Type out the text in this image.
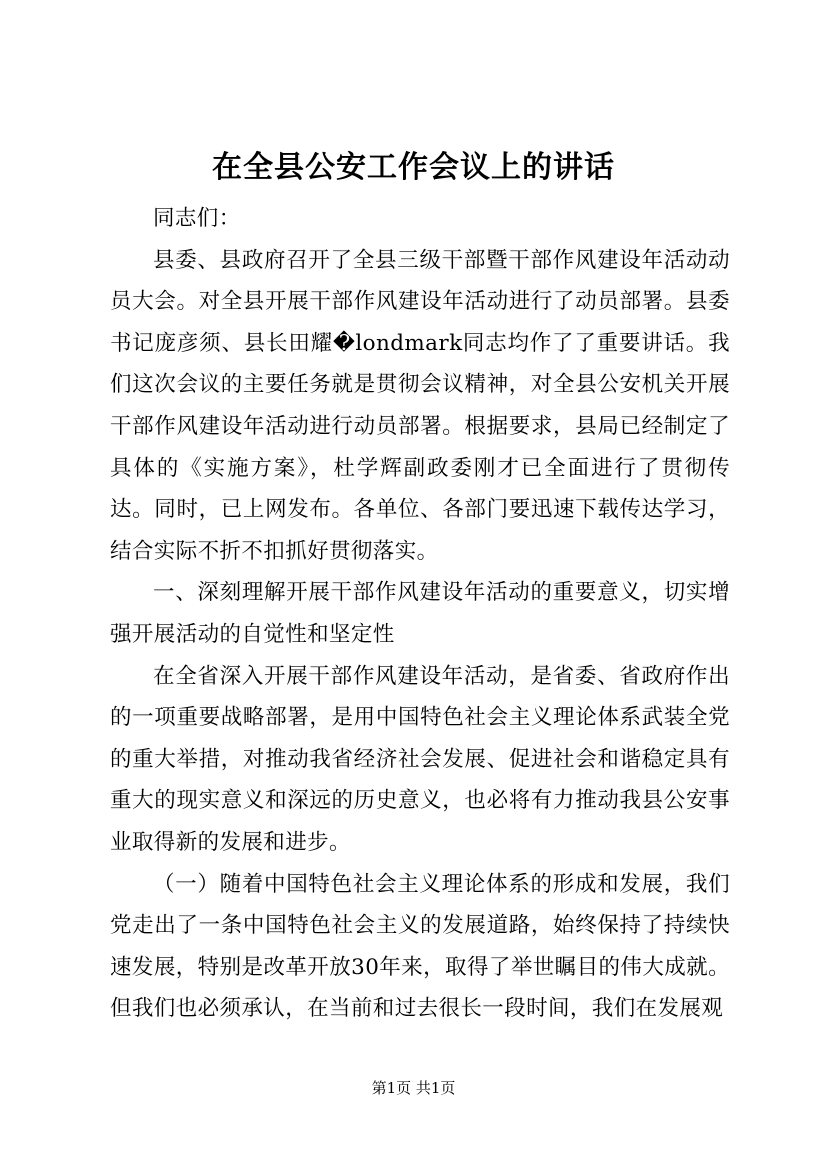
在全县公安工作会议上的讲话

同志们：

县委、县政府召开了全县三级干部暨干部作风建设年活动动员大会。对全县开展干部作风建设年活动进行了动员部署。县委书记庞彦须、县长田耀�londmark同志均作了了重要讲话。我们这次会议的主要任务就是贯彻会议精神，对全县公安机关开展干部作风建设年活动进行动员部署。根据要求，县局已经制定了具体的《实施方案》，杜学辉副政委刚才已全面进行了贯彻传达。同时，已上网发布。各单位、各部门要迅速下载传达学习，结合实际不折不扣抓好贯彻落实。

一、深刻理解开展干部作风建设年活动的重要意义，切实增强开展活动的自觉性和坚定性

在全省深入开展干部作风建设年活动，是省委、省政府作出的一项重要战略部署，是用中国特色社会主义理论体系武装全党的重大举措，对推动我省经济社会发展、促进社会和谐稳定具有重大的现实意义和深远的历史意义，也必将有力推动我县公安事业取得新的发展和进步。

（一）随着中国特色社会主义理论体系的形成和发展，我们党走出了一条中国特色社会主义的发展道路，始终保持了持续快速发展，特别是改革开放30年来，取得了举世瞩目的伟大成就。但我们也必须承认，在当前和过去很长一段时间，我们在发展观

第1页 共1页
